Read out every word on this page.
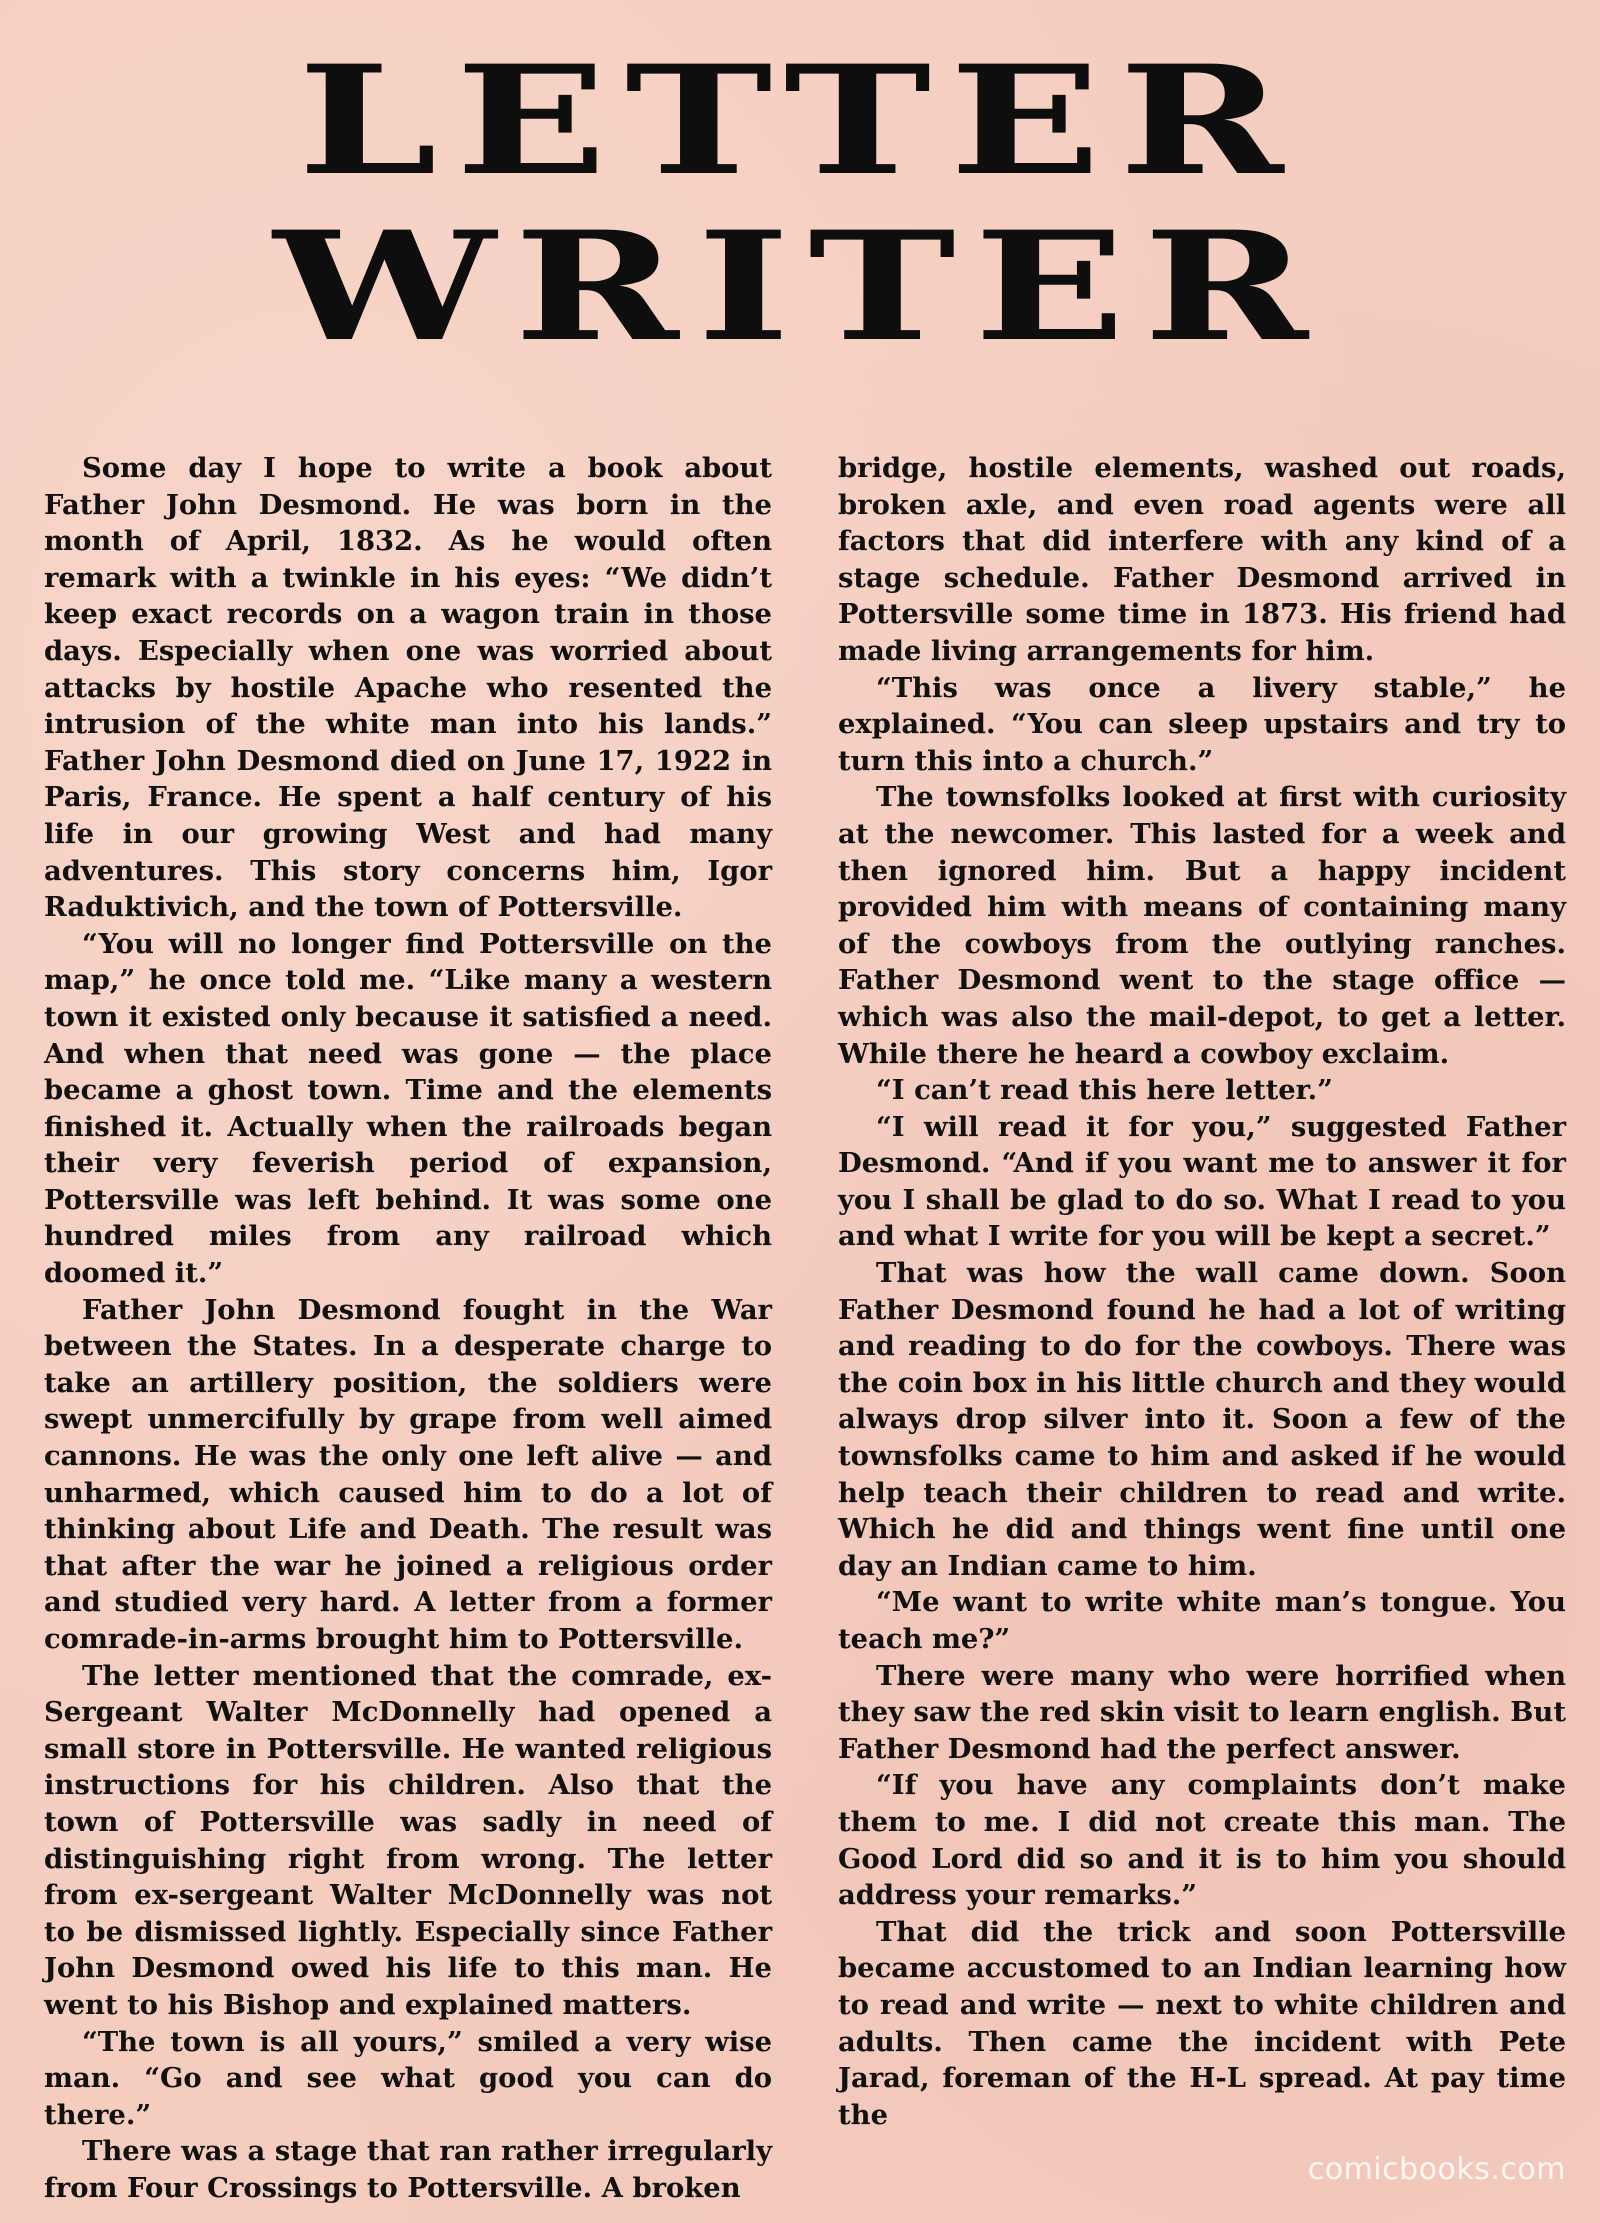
LETTER
WRITER

Some day I hope to write a book about Father John Desmond. He was born in the month of April, 1832. As he would often remark with a twinkle in his eyes: “We didn’t keep exact records on a wagon train in those days. Especially when one was worried about attacks by hostile Apache who resented the intrusion of the white man into his lands.” Father John Desmond died on June 17, 1922 in Paris, France. He spent a half century of his life in our growing West and had many adventures. This story concerns him, Igor Raduktivich, and the town of Pottersville.

“You will no longer find Pottersville on the map,” he once told me. “Like many a western town it existed only because it satisfied a need. And when that need was gone — the place became a ghost town. Time and the elements finished it. Actually when the railroads began their very feverish period of expansion, Pottersville was left behind. It was some one hundred miles from any railroad which doomed it.”

Father John Desmond fought in the War between the States. In a desperate charge to take an artillery position, the soldiers were swept unmercifully by grape from well aimed cannons. He was the only one left alive — and unharmed, which caused him to do a lot of thinking about Life and Death. The result was that after the war he joined a religious order and studied very hard. A letter from a former comrade-in-arms brought him to Pottersville.

The letter mentioned that the comrade, ex-Sergeant Walter McDonnelly had opened a small store in Pottersville. He wanted religious instructions for his children. Also that the town of Pottersville was sadly in need of distinguishing right from wrong. The letter from ex-sergeant Walter McDonnelly was not to be dismissed lightly. Especially since Father John Desmond owed his life to this man. He went to his Bishop and explained matters.

“The town is all yours,” smiled a very wise man. “Go and see what good you can do there.”

There was a stage that ran rather irregularly from Four Crossings to Pottersville. A broken

bridge, hostile elements, washed out roads, broken axle, and even road agents were all factors that did interfere with any kind of a stage schedule. Father Desmond arrived in Pottersville some time in 1873. His friend had made living arrangements for him.

“This was once a livery stable,” he explained. “You can sleep upstairs and try to turn this into a church.”

The townsfolks looked at first with curiosity at the newcomer. This lasted for a week and then ignored him. But a happy incident provided him with means of containing many of the cowboys from the outlying ranches. Father Desmond went to the stage office — which was also the mail-depot, to get a letter. While there he heard a cowboy exclaim.

“I can’t read this here letter.”

“I will read it for you,” suggested Father Desmond. “And if you want me to answer it for you I shall be glad to do so. What I read to you and what I write for you will be kept a secret.”

That was how the wall came down. Soon Father Desmond found he had a lot of writing and reading to do for the cowboys. There was the coin box in his little church and they would always drop silver into it. Soon a few of the townsfolks came to him and asked if he would help teach their children to read and write. Which he did and things went fine until one day an Indian came to him.

“Me want to write white man’s tongue. You teach me?”

There were many who were horrified when they saw the red skin visit to learn english. But Father Desmond had the perfect answer.

“If you have any complaints don’t make them to me. I did not create this man. The Good Lord did so and it is to him you should address your remarks.”

That did the trick and soon Pottersville became accustomed to an Indian learning how to read and write — next to white children and adults. Then came the incident with Pete Jarad, foreman of the H-L spread. At pay time the

comicbooks.com
